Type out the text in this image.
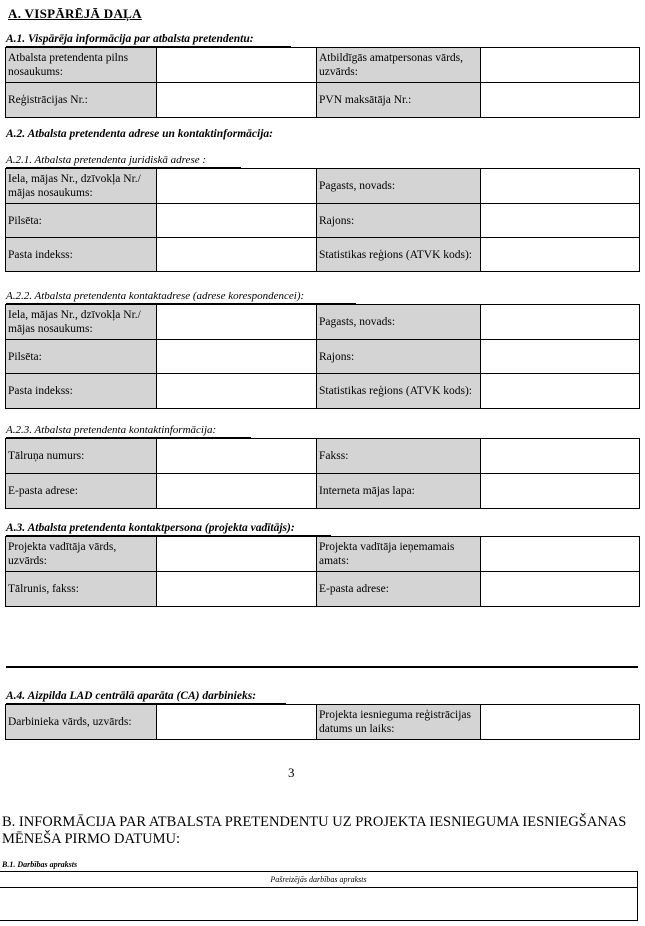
A. VISPĀRĒJĀ DAĻA
A.1. Vispārēja informācija par atbalsta pretendentu:
Atbalsta pretendenta pilns nosaukums:		Atbildīgās amatpersonas vārds, uzvārds:	
Reģistrācijas Nr.:		PVN maksātāja Nr.:	
A.2. Atbalsta pretendenta adrese un kontaktinformācija:
A.2.1. Atbalsta pretendenta juridiskā adrese :
Iela, mājas Nr., dzīvokļa Nr./ mājas nosaukums:		Pagasts, novads:	
Pilsēta:		Rajons:	
Pasta indekss:		Statistikas reģions (ATVK kods):	
A.2.2. Atbalsta pretendenta kontaktadrese (adrese korespondencei):
Iela, mājas Nr., dzīvokļa Nr./ mājas nosaukums:		Pagasts, novads:	
Pilsēta:		Rajons:	
Pasta indekss:		Statistikas reģions (ATVK kods):	
A.2.3. Atbalsta pretendenta kontaktinformācija:
Tālruņa numurs:		Fakss:	
E-pasta adrese:		Interneta mājas lapa:	
A.3. Atbalsta pretendenta kontaktpersona (projekta vadītājs):
Projekta vadītāja vārds, uzvārds:		Projekta vadītāja ieņemamais amats:	
Tālrunis, fakss:		E-pasta adrese:	
A.4. Aizpilda LAD centrālā aparāta (CA) darbinieks:
Darbinieka vārds, uzvārds:		Projekta iesnieguma reģistrācijas datums un laiks:	
3
B. INFORMĀCIJA PAR ATBALSTA PRETENDENTU UZ PROJEKTA IESNIEGUMA IESNIEGŠANAS MĒNEŠA PIRMO DATUMU:
B.1. Darbības apraksts
Pašreizējās darbības apraksts
